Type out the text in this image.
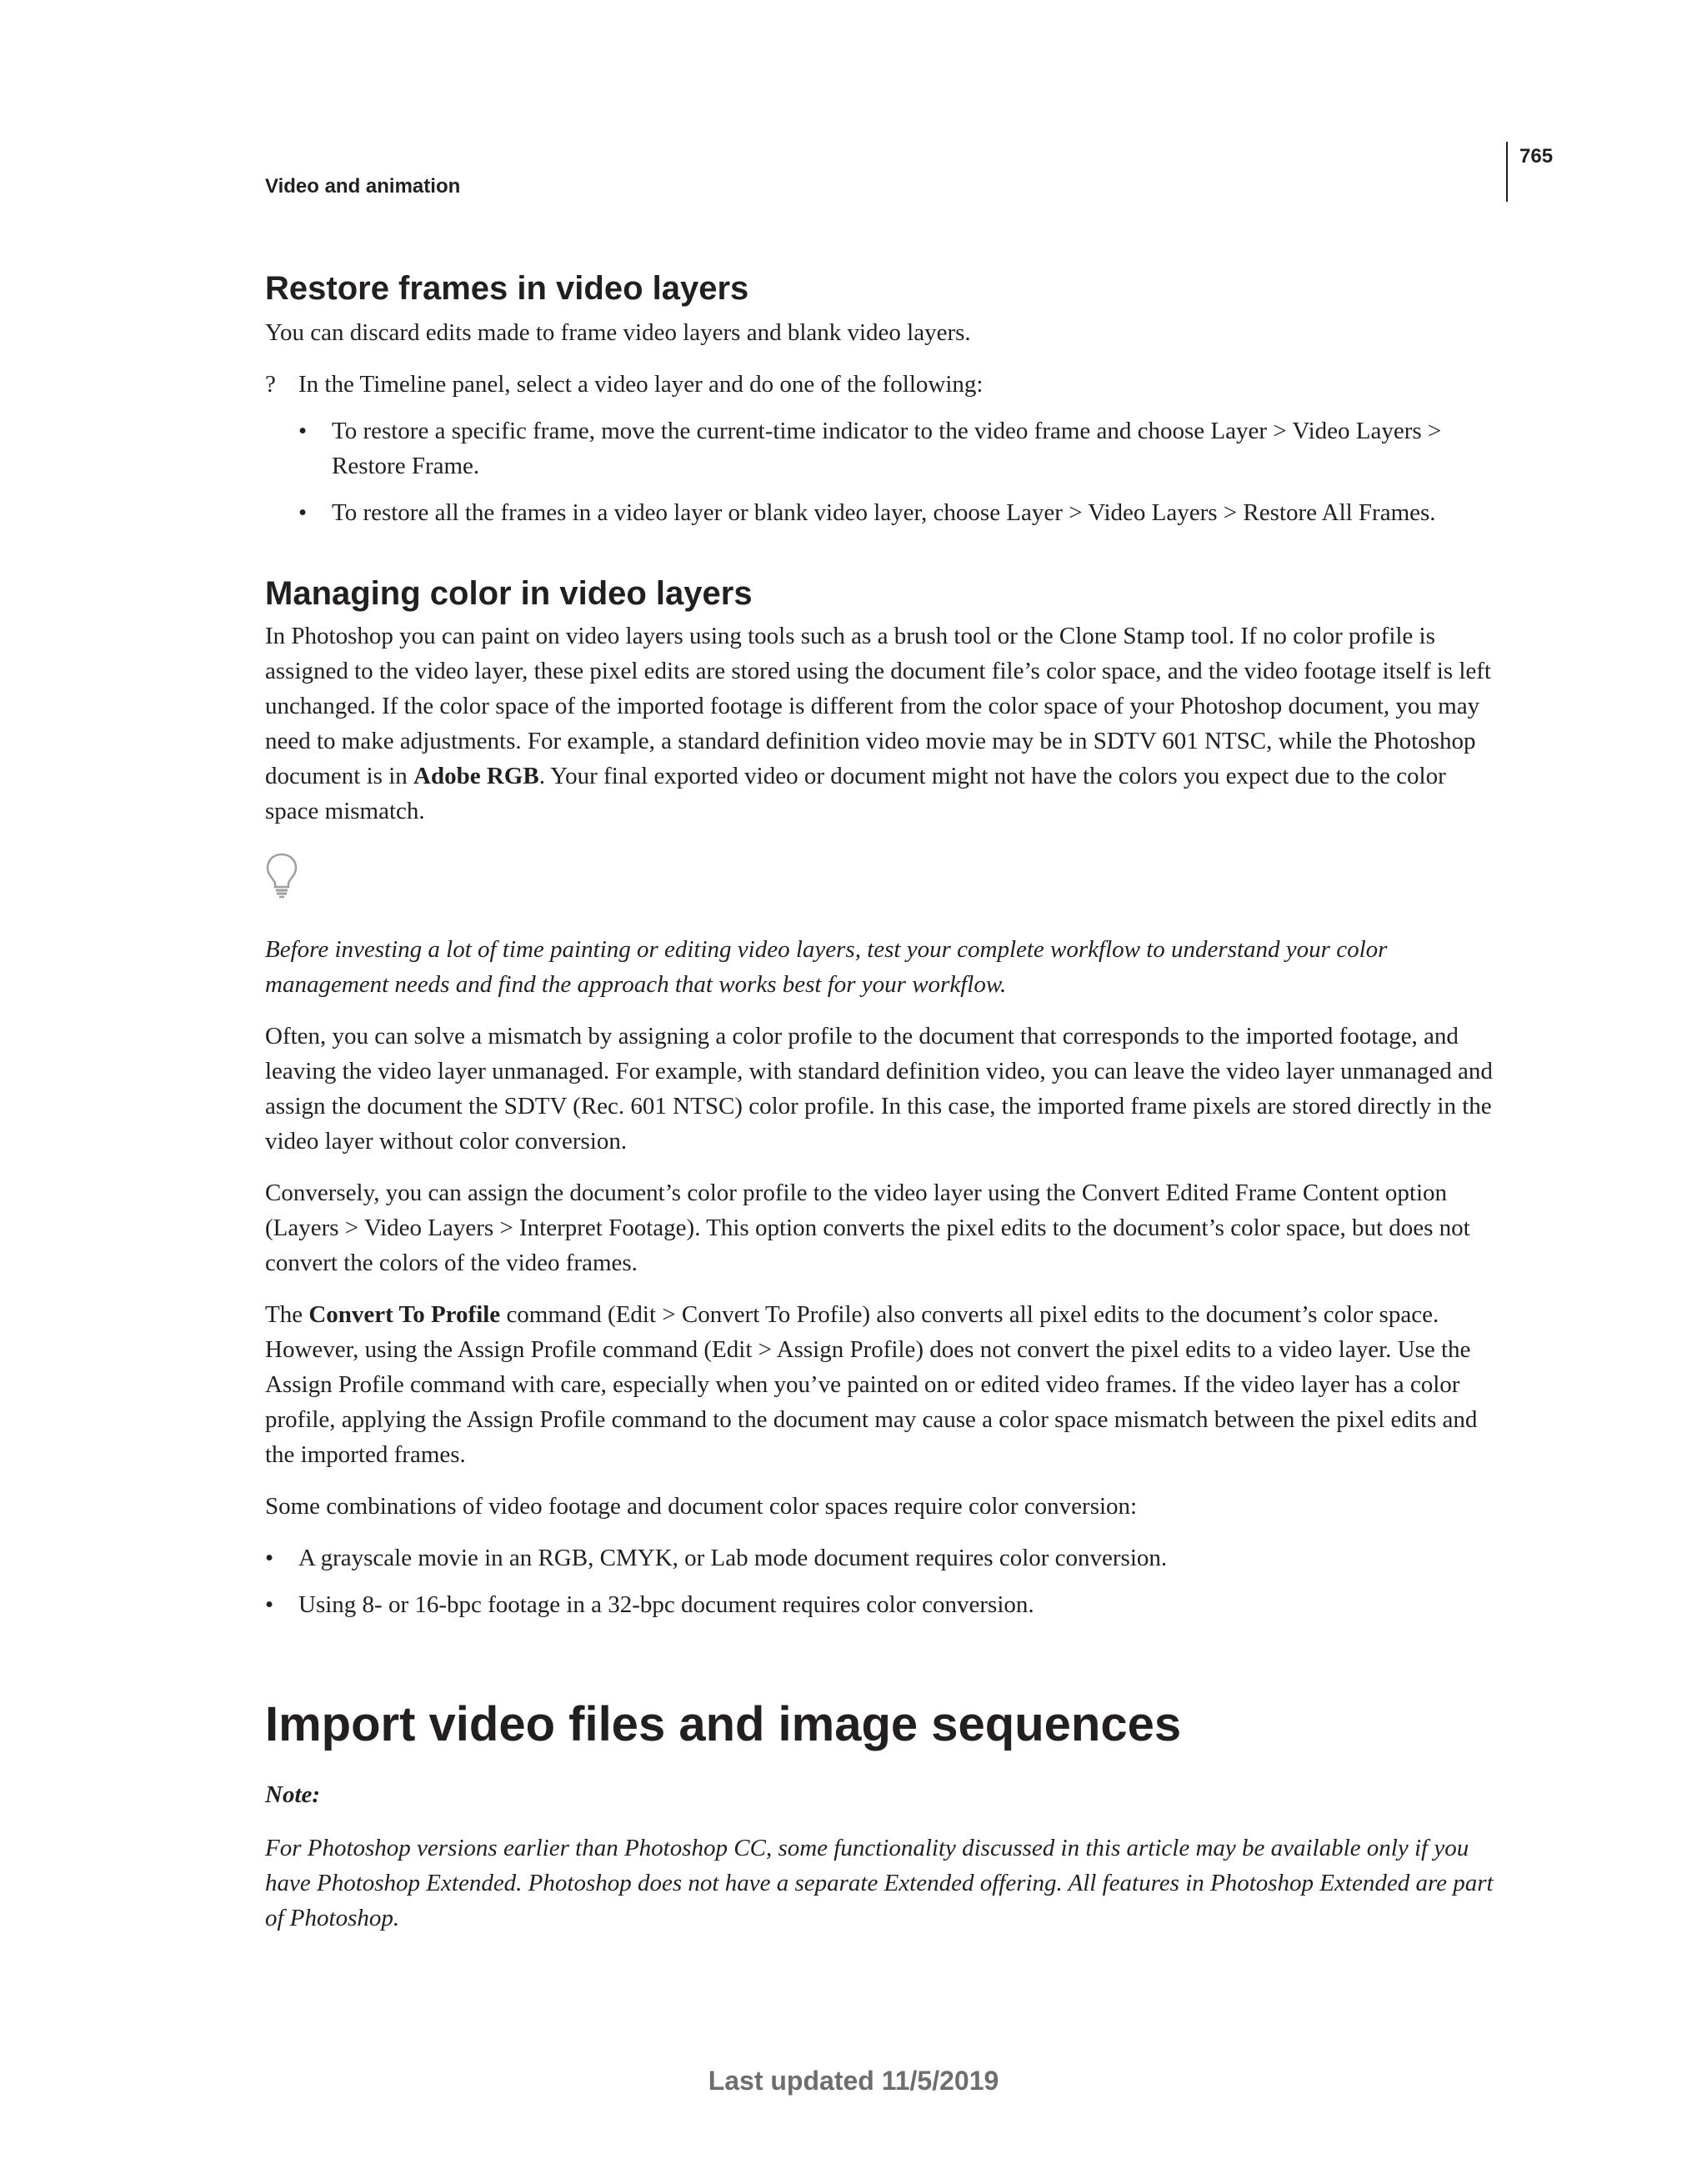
765
Video and animation
Restore frames in video layers

You can discard edits made to frame video layers and blank video layers.

? In the Timeline panel, select a video layer and do one of the following:
• To restore a specific frame, move the current-time indicator to the video frame and choose Layer > Video Layers > Restore Frame.
• To restore all the frames in a video layer or blank video layer, choose Layer > Video Layers > Restore All Frames.
Managing color in video layers

In Photoshop you can paint on video layers using tools such as a brush tool or the Clone Stamp tool. If no color profile is assigned to the video layer, these pixel edits are stored using the document file’s color space, and the video footage itself is left unchanged. If the color space of the imported footage is different from the color space of your Photoshop document, you may need to make adjustments. For example, a standard definition video movie may be in SDTV 601 NTSC, while the Photoshop document is in Adobe RGB. Your final exported video or document might not have the colors you expect due to the color space mismatch.

Before investing a lot of time painting or editing video layers, test your complete workflow to understand your color management needs and find the approach that works best for your workflow.

Often, you can solve a mismatch by assigning a color profile to the document that corresponds to the imported footage, and leaving the video layer unmanaged. For example, with standard definition video, you can leave the video layer unmanaged and assign the document the SDTV (Rec. 601 NTSC) color profile. In this case, the imported frame pixels are stored directly in the video layer without color conversion.

Conversely, you can assign the document’s color profile to the video layer using the Convert Edited Frame Content option (Layers > Video Layers > Interpret Footage). This option converts the pixel edits to the document’s color space, but does not convert the colors of the video frames.

The Convert To Profile command (Edit > Convert To Profile) also converts all pixel edits to the document’s color space. However, using the Assign Profile command (Edit > Assign Profile) does not convert the pixel edits to a video layer. Use the Assign Profile command with care, especially when you’ve painted on or edited video frames. If the video layer has a color profile, applying the Assign Profile command to the document may cause a color space mismatch between the pixel edits and the imported frames.

Some combinations of video footage and document color spaces require color conversion:

• A grayscale movie in an RGB, CMYK, or Lab mode document requires color conversion.
• Using 8- or 16-bpc footage in a 32-bpc document requires color conversion.
Import video files and image sequences

Note:

For Photoshop versions earlier than Photoshop CC, some functionality discussed in this article may be available only if you have Photoshop Extended. Photoshop does not have a separate Extended offering. All features in Photoshop Extended are part of Photoshop.

Last updated 11/5/2019
